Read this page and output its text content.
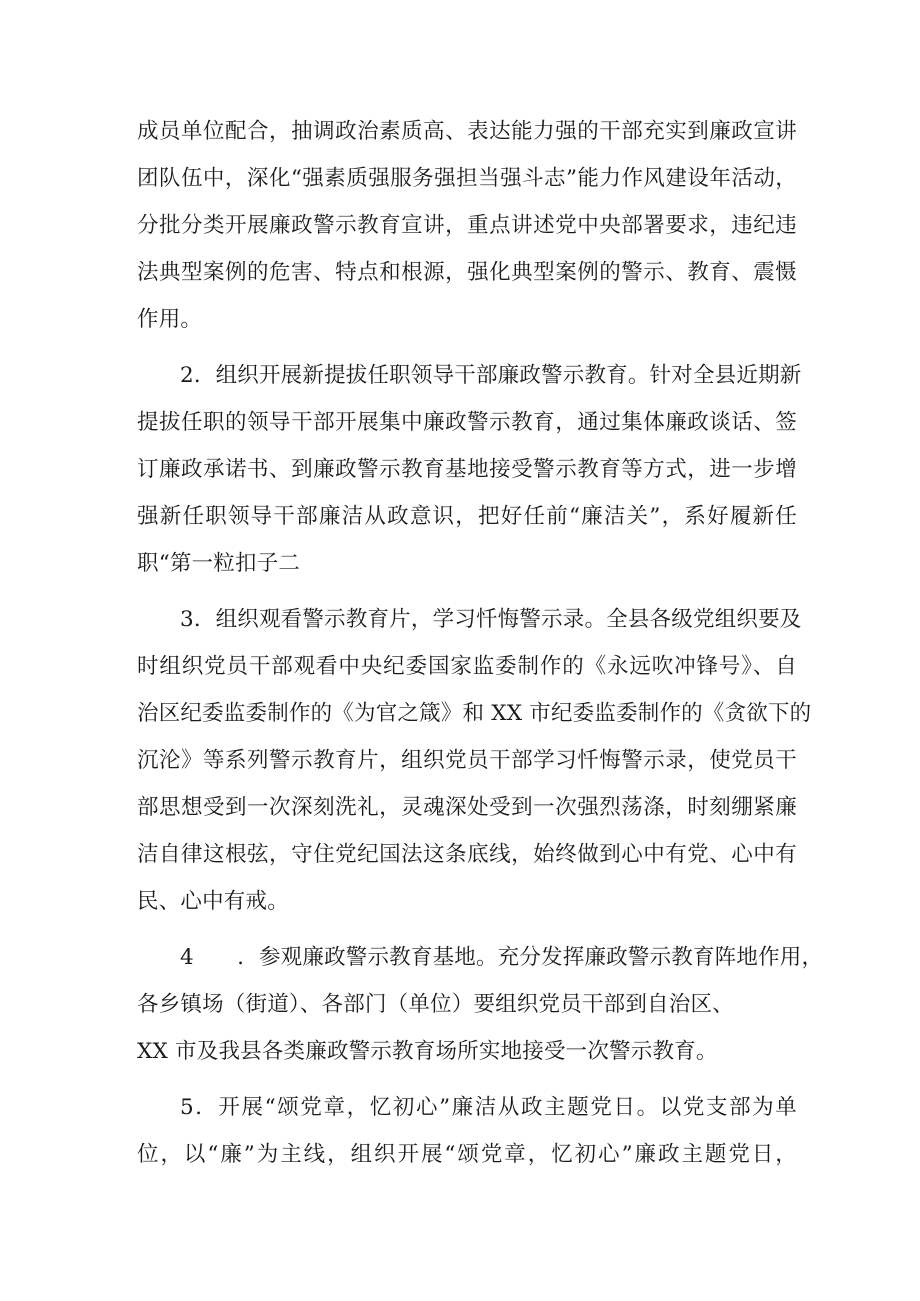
成员单位配合，抽调政治素质高、表达能力强的干部充实到廉政宣讲
团队伍中，深化“强素质强服务强担当强斗志”能力作风建设年活动，
分批分类开展廉政警示教育宣讲，重点讲述党中央部署要求，违纪违
法典型案例的危害、特点和根源，强化典型案例的警示、教育、震慑
作用。
2．组织开展新提拔任职领导干部廉政警示教育。针对全县近期新
提拔任职的领导干部开展集中廉政警示教育，通过集体廉政谈话、签
订廉政承诺书、到廉政警示教育基地接受警示教育等方式，进一步增
强新任职领导干部廉洁从政意识，把好任前“廉洁关”，系好履新任
职“第一粒扣子二
3．组织观看警示教育片，学习忏悔警示录。全县各级党组织要及
时组织党员干部观看中央纪委国家监委制作的《永远吹冲锋号》、自
治区纪委监委制作的《为官之箴》和 XX 市纪委监委制作的《贪欲下的
沉沦》等系列警示教育片，组织党员干部学习忏悔警示录，使党员干
部思想受到一次深刻洗礼，灵魂深处受到一次强烈荡涤，时刻绷紧廉
洁自律这根弦，守住党纪国法这条底线，始终做到心中有党、心中有
民、心中有戒。
4　　．参观廉政警示教育基地。充分发挥廉政警示教育阵地作用，
各乡镇场（街道）、各部门（单位）要组织党员干部到自治区、
XX 市及我县各类廉政警示教育场所实地接受一次警示教育。
5．开展“颂党章，忆初心”廉洁从政主题党日。以党支部为单
位，以“廉”为主线，组织开展“颂党章，忆初心”廉政主题党日，
